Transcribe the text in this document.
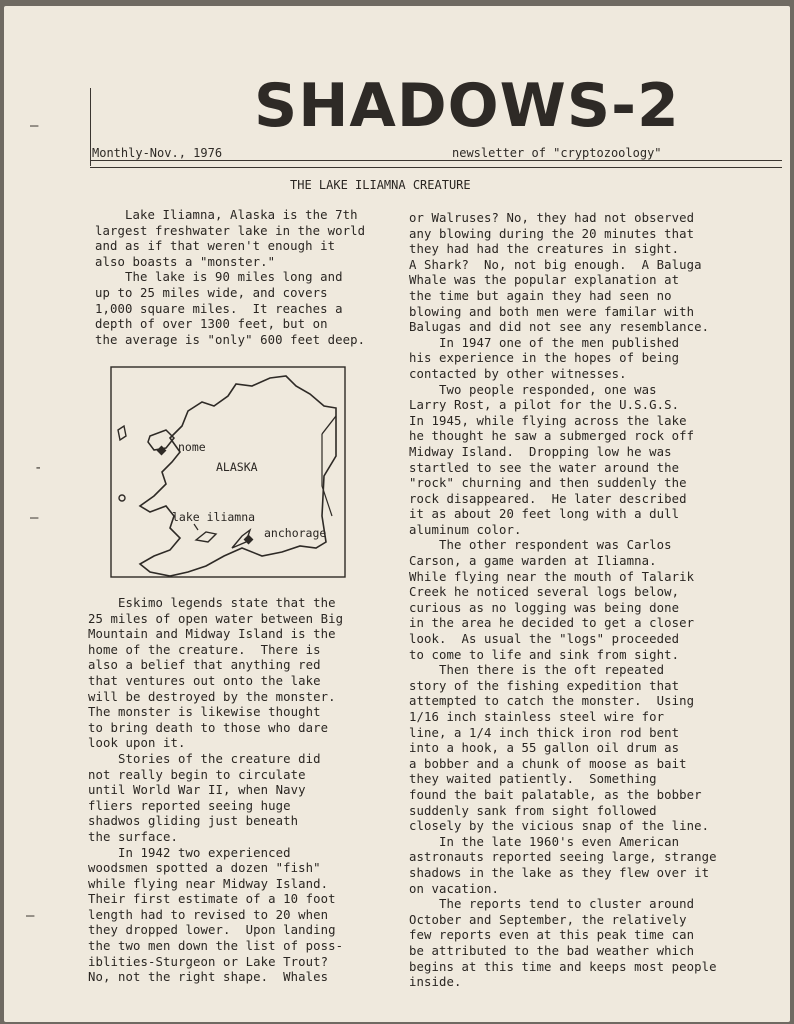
–
-
–
—
SHADOWS-2
Monthly-Nov., 1976	newsletter of "cryptozoology"
THE LAKE ILIAMNA CREATURE
Lake Iliamna, Alaska is the 7th
largest freshwater lake in the world
and as if that weren't enough it
also boasts a "monster."
The lake is 90 miles long and
up to 25 miles wide, and covers
1,000 square miles.  It reaches a
depth of over 1300 feet, but on
the average is "only" 600 feet deep.
nome
ALASKA
lake iliamna
anchorage
Eskimo legends state that the
25 miles of open water between Big
Mountain and Midway Island is the
home of the creature.  There is
also a belief that anything red
that ventures out onto the lake
will be destroyed by the monster.
The monster is likewise thought
to bring death to those who dare
look upon it.
Stories of the creature did
not really begin to circulate
until World War II, when Navy
fliers reported seeing huge
shadwos gliding just beneath
the surface.
In 1942 two experienced
woodsmen spotted a dozen "fish"
while flying near Midway Island.
Their first estimate of a 10 foot
length had to revised to 20 when
they dropped lower.  Upon landing
the two men down the list of poss-
iblities-Sturgeon or Lake Trout?
No, not the right shape.  Whales
or Walruses? No, they had not observed
any blowing during the 20 minutes that
they had had the creatures in sight.
A Shark?  No, not big enough.  A Baluga
Whale was the popular explanation at
the time but again they had seen no
blowing and both men were familar with
Balugas and did not see any resemblance.
In 1947 one of the men published
his experience in the hopes of being
contacted by other witnesses.
Two people responded, one was
Larry Rost, a pilot for the U.S.G.S.
In 1945, while flying across the lake
he thought he saw a submerged rock off
Midway Island.  Dropping low he was
startled to see the water around the
"rock" churning and then suddenly the
rock disappeared.  He later described
it as about 20 feet long with a dull
aluminum color.
The other respondent was Carlos
Carson, a game warden at Iliamna.
While flying near the mouth of Talarik
Creek he noticed several logs below,
curious as no logging was being done
in the area he decided to get a closer
look.  As usual the "logs" proceeded
to come to life and sink from sight.
Then there is the oft repeated
story of the fishing expedition that
attempted to catch the monster.  Using
1/16 inch stainless steel wire for
line, a 1/4 inch thick iron rod bent
into a hook, a 55 gallon oil drum as
a bobber and a chunk of moose as bait
they waited patiently.  Something
found the bait palatable, as the bobber
suddenly sank from sight followed
closely by the vicious snap of the line.
In the late 1960's even American
astronauts reported seeing large, strange
shadows in the lake as they flew over it
on vacation.
The reports tend to cluster around
October and September, the relatively
few reports even at this peak time can
be attributed to the bad weather which
begins at this time and keeps most people
inside.
